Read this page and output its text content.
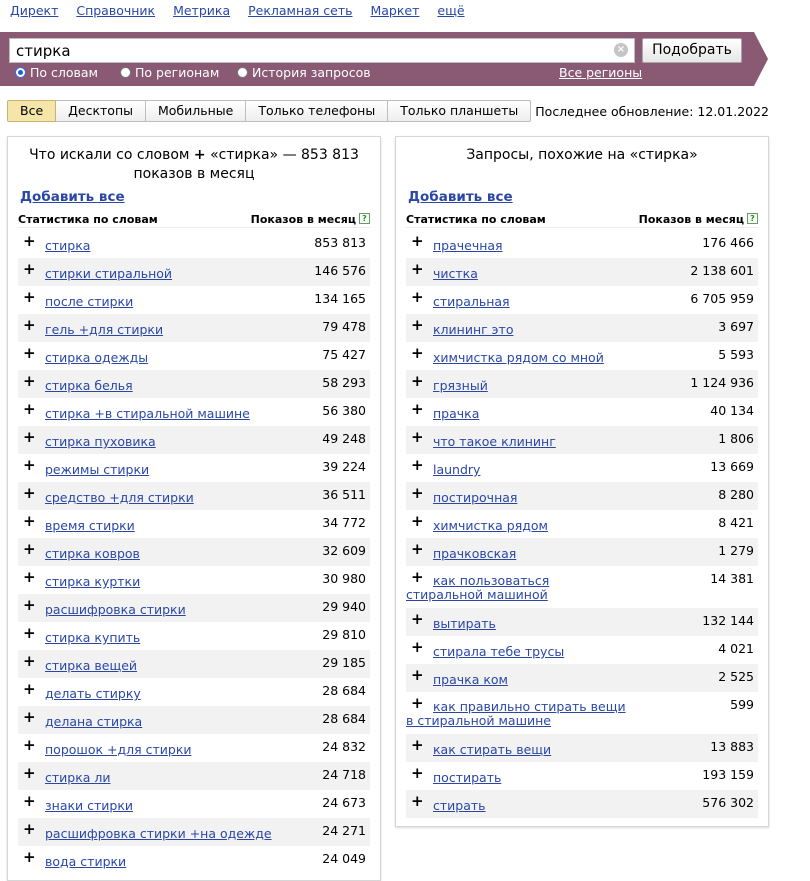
Директ Справочник Метрика Рекламная сеть Маркет ещё
стирка	×	Подобрать
По словам	По регионам	История запросов	Все регионы
Все	Десктопы	Мобильные	Только телефоны	Только планшеты	Последнее обновление: 12.01.2022
Что искали со словом + «стирка» — 853 813
показов в месяц
Добавить все
Статистика по словам	Показов в месяц ?
+ стирка	853 813
+ стирки стиральной	146 576
+ после стирки	134 165
+ гель +для стирки	79 478
+ стирка одежды	75 427
+ стирка белья	58 293
+ стирка +в стиральной машине	56 380
+ стирка пуховика	49 248
+ режимы стирки	39 224
+ средство +для стирки	36 511
+ время стирки	34 772
+ стирка ковров	32 609
+ стирка куртки	30 980
+ расшифровка стирки	29 940
+ стирка купить	29 810
+ стирка вещей	29 185
+ делать стирку	28 684
+ делана стирка	28 684
+ порошок +для стирки	24 832
+ стирка ли	24 718
+ знаки стирки	24 673
+ расшифровка стирки +на одежде	24 271
+ вода стирки	24 049
Запросы, похожие на «стирка»
Добавить все
Статистика по словам	Показов в месяц ?
+ прачечная	176 466
+ чистка	2 138 601
+ стиральная	6 705 959
+ клининг это	3 697
+ химчистка рядом со мной	5 593
+ грязный	1 124 936
+ прачка	40 134
+ что такое клининг	1 806
+ laundry	13 669
+ постирочная	8 280
+ химчистка рядом	8 421
+ прачковская	1 279
+ как пользоваться стиральной машиной
14 381
+ вытирать	132 144
+ стирала тебе трусы	4 021
+ прачка ком	2 525
+ как правильно стирать вещи в стиральной машине
599
+ как стирать вещи	13 883
+ постирать	193 159
+ стирать	576 302
